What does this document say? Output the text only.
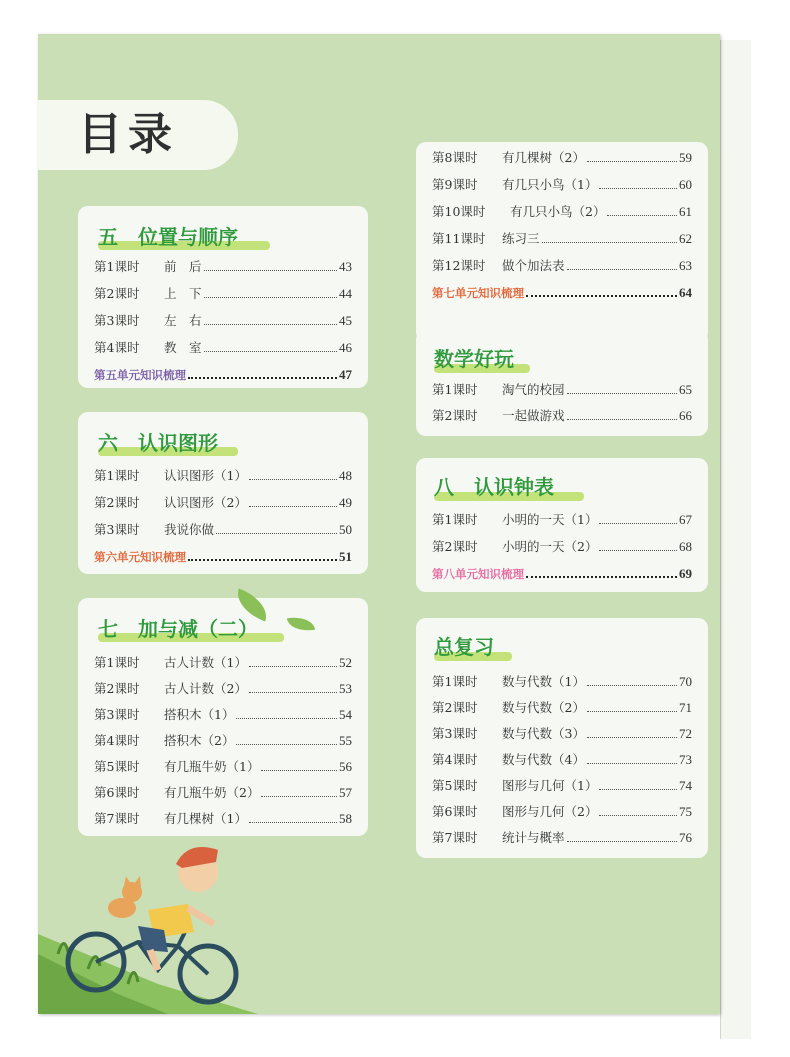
目录
五　位置与顺序
第1课时	前　后	43
第2课时	上　下	44
第3课时	左　右	45
第4课时	教　室	46
第五单元知识梳理	47
六　认识图形
第1课时	认识图形（1）	48
第2课时	认识图形（2）	49
第3课时	我说你做	50
第六单元知识梳理	51
七　加与减（二）
第1课时	古人计数（1）	52
第2课时	古人计数（2）	53
第3课时	搭积木（1）	54
第4课时	搭积木（2）	55
第5课时	有几瓶牛奶（1）	56
第6课时	有几瓶牛奶（2）	57
第7课时	有几棵树（1）	58
第8课时	有几棵树（2）	59
第9课时	有几只小鸟（1）	60
第10课时	有几只小鸟（2）	61
第11课时	练习三	62
第12课时	做个加法表	63
第七单元知识梳理	64
数学好玩
第1课时	淘气的校园	65
第2课时	一起做游戏	66
八　认识钟表
第1课时	小明的一天（1）	67
第2课时	小明的一天（2）	68
第八单元知识梳理	69
总复习
第1课时	数与代数（1）	70
第2课时	数与代数（2）	71
第3课时	数与代数（3）	72
第4课时	数与代数（4）	73
第5课时	图形与几何（1）	74
第6课时	图形与几何（2）	75
第7课时	统计与概率	76
